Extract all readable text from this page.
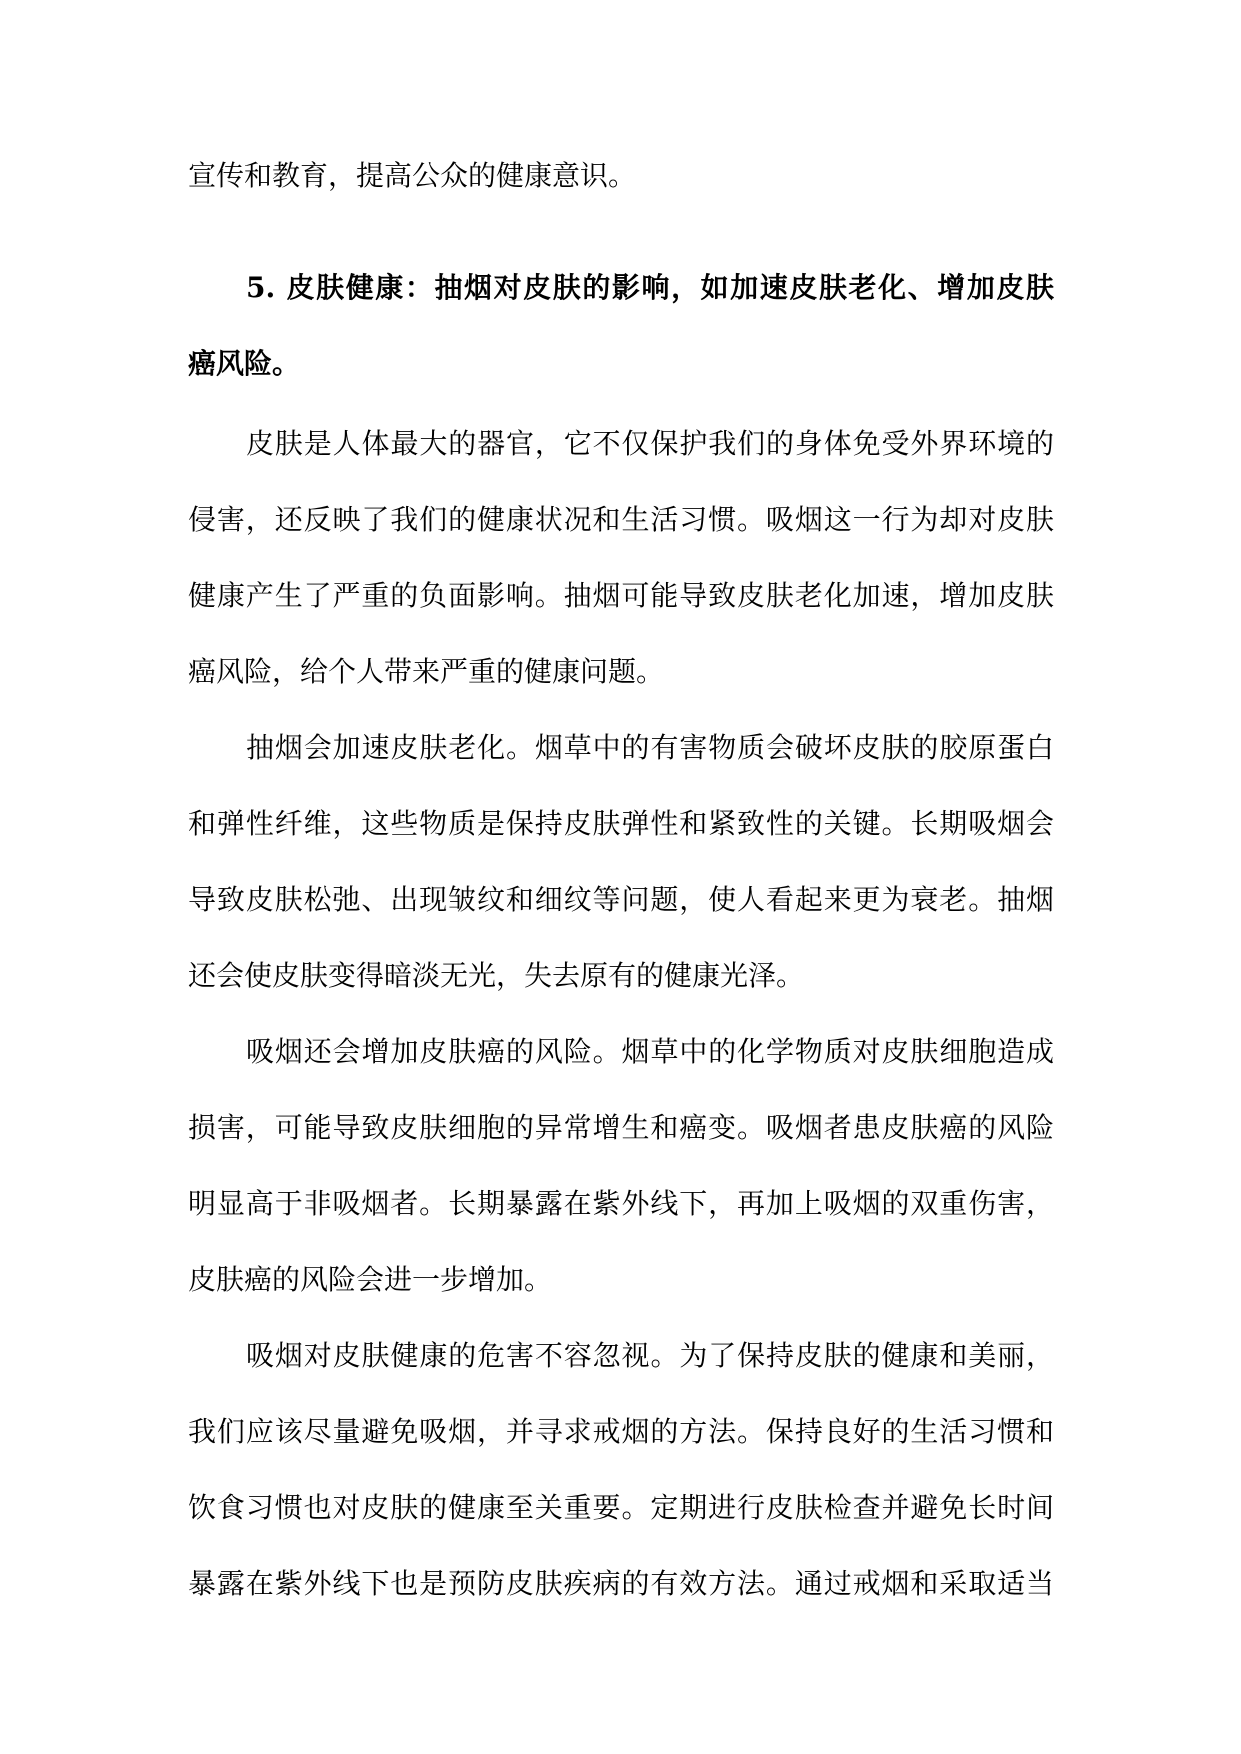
宣传和教育，提高公众的健康意识。
5. 皮肤健康：抽烟对皮肤的影响，如加速皮肤老化、增加皮肤
癌风险。
皮肤是人体最大的器官，它不仅保护我们的身体免受外界环境的
侵害，还反映了我们的健康状况和生活习惯。吸烟这一行为却对皮肤
健康产生了严重的负面影响。抽烟可能导致皮肤老化加速，增加皮肤
癌风险，给个人带来严重的健康问题。
抽烟会加速皮肤老化。烟草中的有害物质会破坏皮肤的胶原蛋白
和弹性纤维，这些物质是保持皮肤弹性和紧致性的关键。长期吸烟会
导致皮肤松弛、出现皱纹和细纹等问题，使人看起来更为衰老。抽烟
还会使皮肤变得暗淡无光，失去原有的健康光泽。
吸烟还会增加皮肤癌的风险。烟草中的化学物质对皮肤细胞造成
损害，可能导致皮肤细胞的异常增生和癌变。吸烟者患皮肤癌的风险
明显高于非吸烟者。长期暴露在紫外线下，再加上吸烟的双重伤害，
皮肤癌的风险会进一步增加。
吸烟对皮肤健康的危害不容忽视。为了保持皮肤的健康和美丽，
我们应该尽量避免吸烟，并寻求戒烟的方法。保持良好的生活习惯和
饮食习惯也对皮肤的健康至关重要。定期进行皮肤检查并避免长时间
暴露在紫外线下也是预防皮肤疾病的有效方法。通过戒烟和采取适当
